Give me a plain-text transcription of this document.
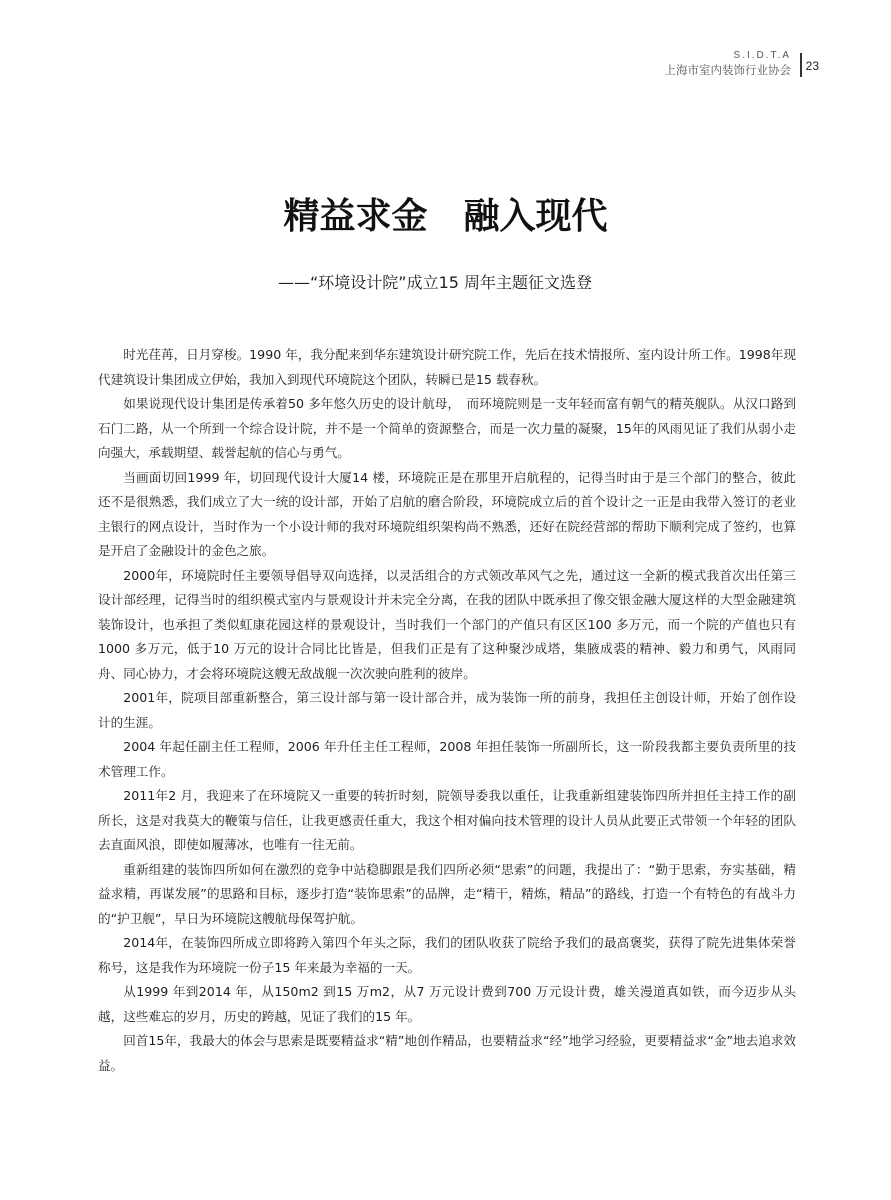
S.I.D.T.A
上海市室内装饰行业协会 23
精益求金　融入现代
——“环境设计院”成立15 周年主题征文选登

时光荏苒，日月穿梭。1990 年，我分配来到华东建筑设计研究院工作，先后在技术情报所、室内设计所工作。1998年现代建筑设计集团成立伊始，我加入到现代环境院这个团队，转瞬已是15 载春秋。

如果说现代设计集团是传承着50 多年悠久历史的设计航母，　而环境院则是一支年轻而富有朝气的精英舰队。从汉口路到石门二路，从一个所到一个综合设计院，并不是一个简单的资源整合，而是一次力量的凝聚，15年的风雨见证了我们从弱小走向强大，承载期望、载誉起航的信心与勇气。

当画面切回1999 年，切回现代设计大厦14 楼，环境院正是在那里开启航程的，记得当时由于是三个部门的整合，彼此还不是很熟悉，我们成立了大一统的设计部，开始了启航的磨合阶段，环境院成立后的首个设计之一正是由我带入签订的老业主银行的网点设计，当时作为一个小设计师的我对环境院组织架构尚不熟悉，还好在院经营部的帮助下顺利完成了签约，也算是开启了金融设计的金色之旅。

2000年，环境院时任主要领导倡导双向选择，以灵活组合的方式领改革风气之先，通过这一全新的模式我首次出任第三设计部经理，记得当时的组织模式室内与景观设计并未完全分离，在我的团队中既承担了像交银金融大厦这样的大型金融建筑装饰设计，也承担了类似虹康花园这样的景观设计，当时我们一个部门的产值只有区区100 多万元，而一个院的产值也只有1000 多万元，低于10 万元的设计合同比比皆是，但我们正是有了这种聚沙成塔，集腋成裘的精神、毅力和勇气，风雨同舟、同心协力，才会将环境院这艘无敌战舰一次次驶向胜利的彼岸。

2001年，院项目部重新整合，第三设计部与第一设计部合并，成为装饰一所的前身，我担任主创设计师，开始了创作设计的生涯。

2004 年起任副主任工程师，2006 年升任主任工程师，2008 年担任装饰一所副所长，这一阶段我都主要负责所里的技术管理工作。

2011年2 月，我迎来了在环境院又一重要的转折时刻，院领导委我以重任，让我重新组建装饰四所并担任主持工作的副所长，这是对我莫大的鞭策与信任，让我更感责任重大，我这个相对偏向技术管理的设计人员从此要正式带领一个年轻的团队去直面风浪，即使如履薄冰，也唯有一往无前。

重新组建的装饰四所如何在激烈的竞争中站稳脚跟是我们四所必须“思索”的问题，我提出了：“勤于思索，夯实基础，精益求精，再谋发展”的思路和目标，逐步打造“装饰思索”的品牌，走“精干，精炼，精品”的路线，打造一个有特色的有战斗力的“护卫舰”，早日为环境院这艘航母保驾护航。

2014年，在装饰四所成立即将跨入第四个年头之际，我们的团队收获了院给予我们的最高褒奖，获得了院先进集体荣誉称号，这是我作为环境院一份子15 年来最为幸福的一天。

从1999 年到2014 年，从150m2 到15 万m2，从7 万元设计费到700 万元设计费，雄关漫道真如铁，而今迈步从头越，这些难忘的岁月，历史的跨越，见证了我们的15 年。

回首15年，我最大的体会与思索是既要精益求“精”地创作精品，也要精益求“经”地学习经验，更要精益求“金”地去追求效益。
